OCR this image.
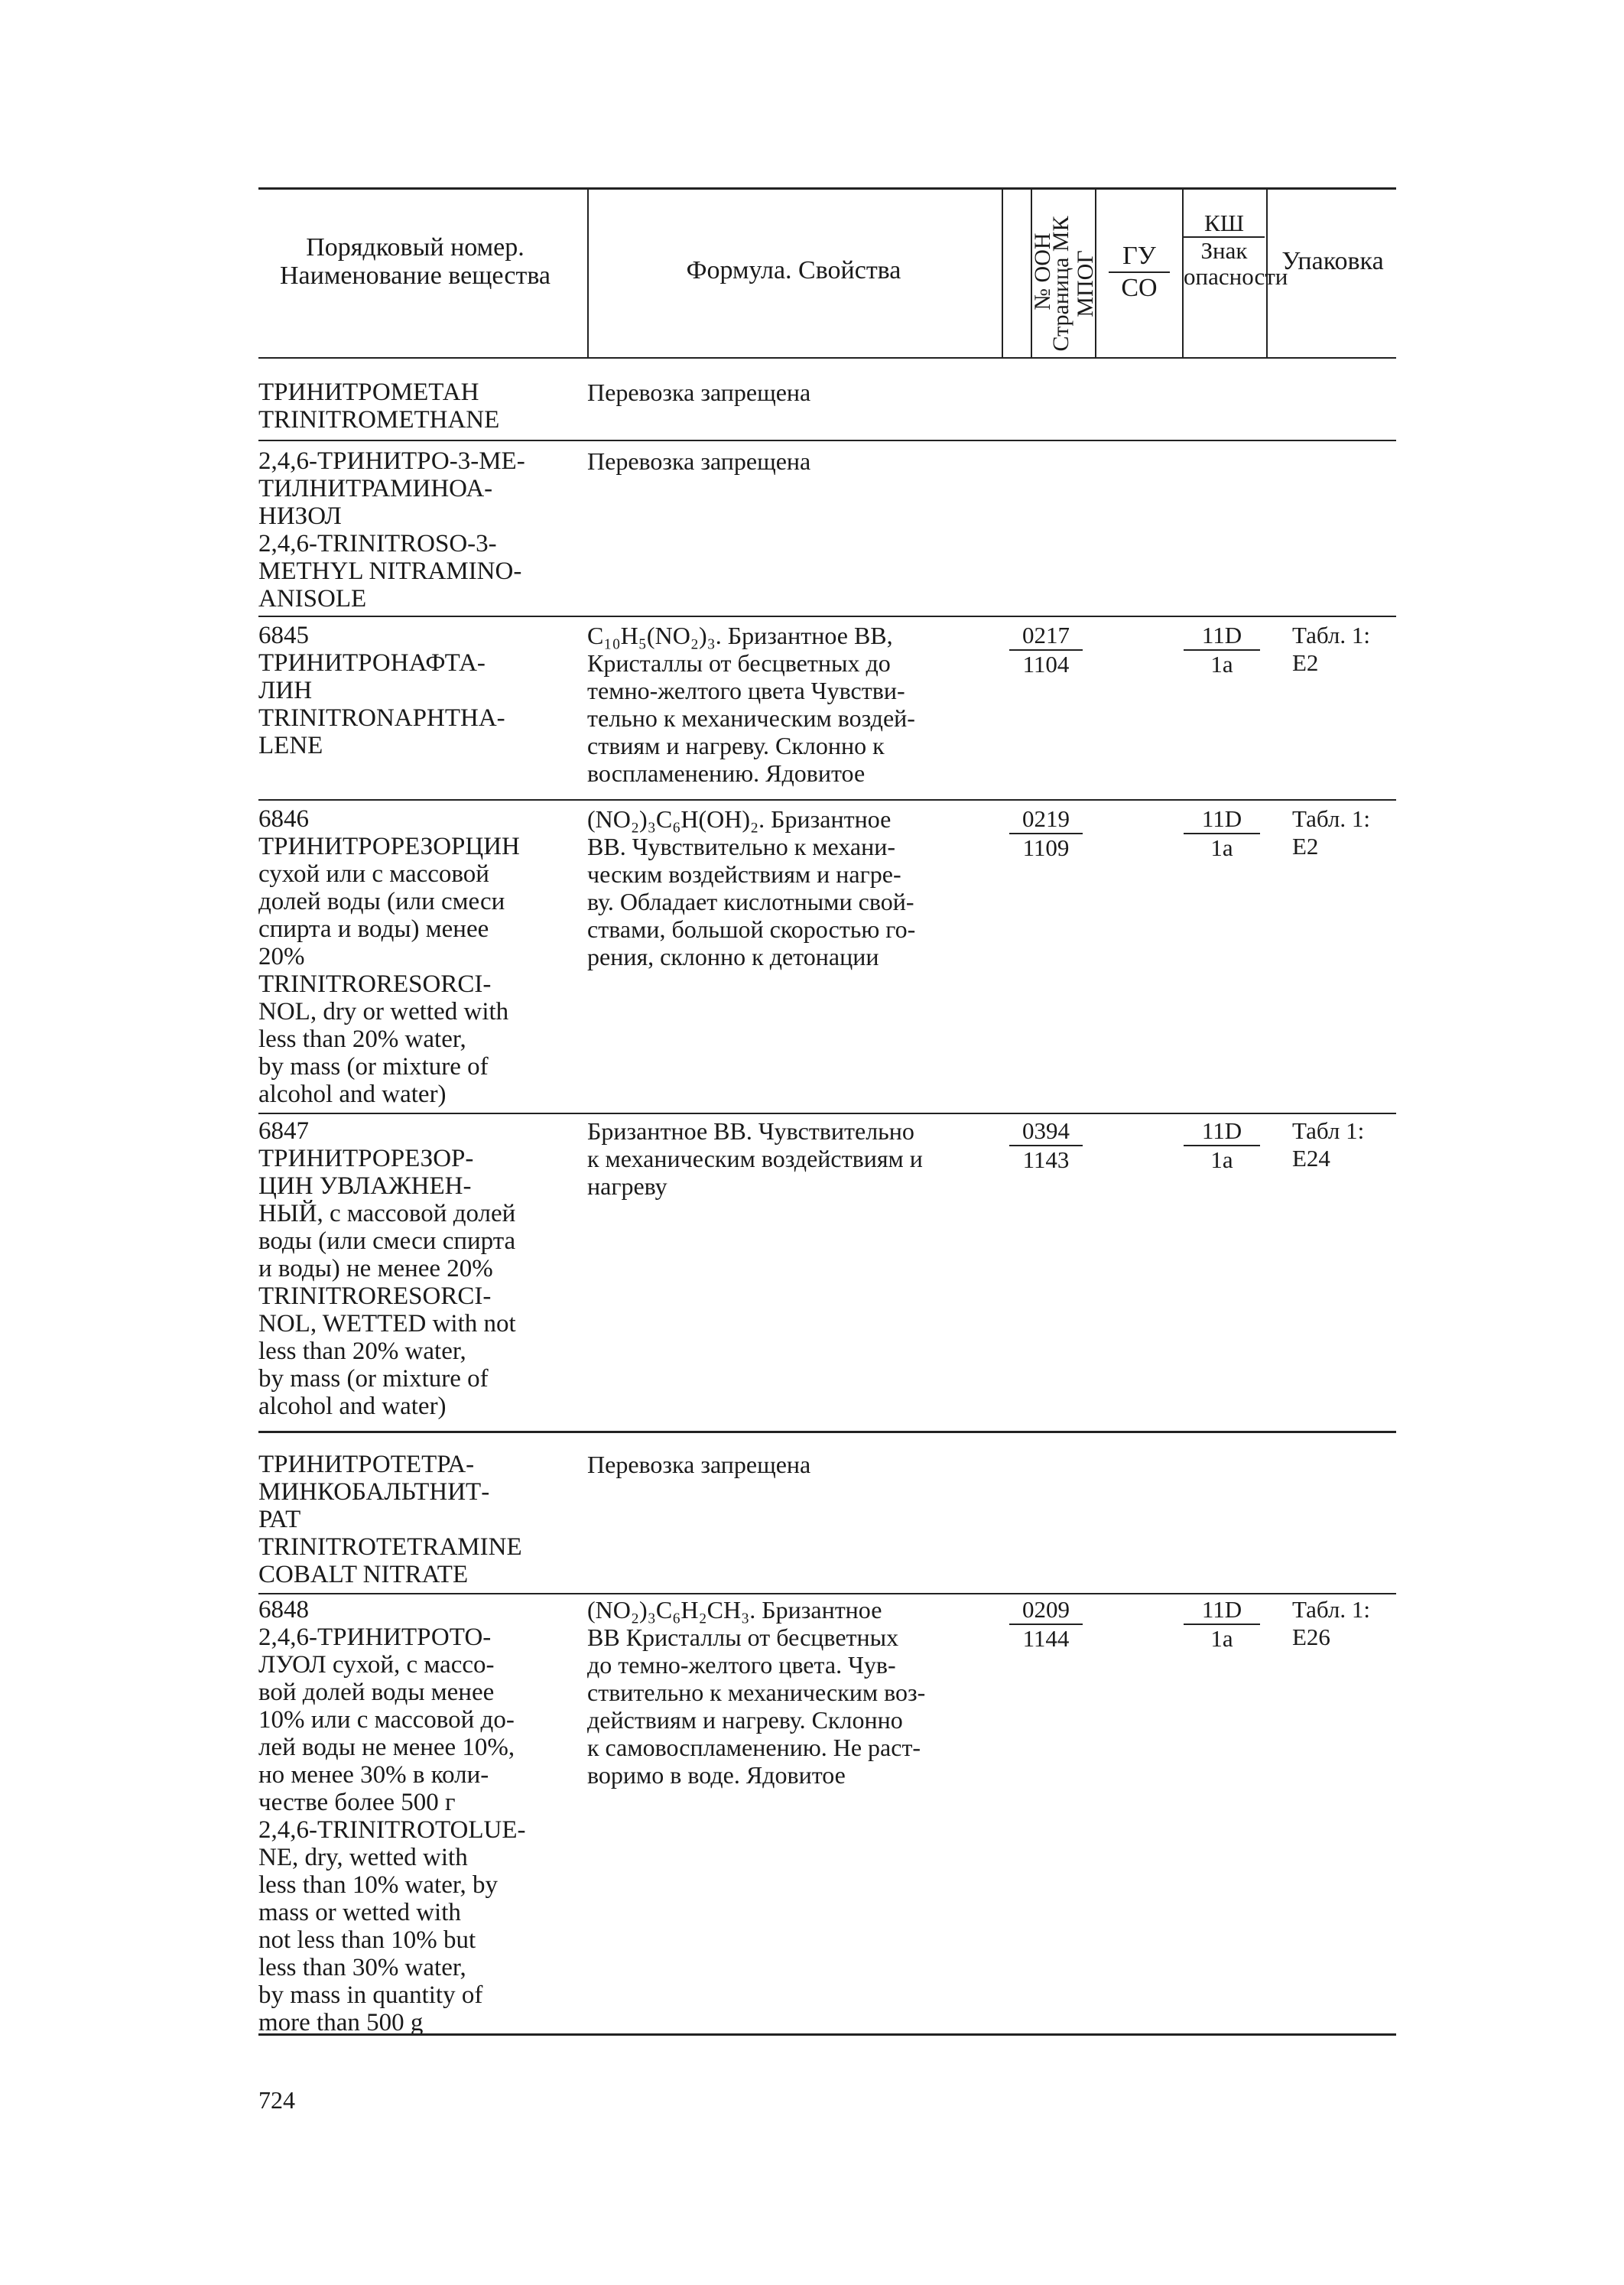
Порядковый номер. Наименование вещества	Формула. Свойства	№ ООН
Страница МК МПОГ ГУ
СО
КШ
Знак опасности
Упаковка
ТРИНИТРОМЕТАН
TRINITROMETHANE
Перевозка запрещена
2,4,6-ТРИНИТРО-3-МЕ-
ТИЛНИТРАМИНОА-
НИЗОЛ
2,4,6-TRINITROSO-3-
METHYL NITRAMINO-
ANISOLE
Перевозка запрещена
6845
ТРИНИТРОНАФТА-
ЛИН
TRINITRONAPHTHA-
LENE
C₁₀H₅(NO₂)₃. Бризантное ВВ,
Кристаллы от бесцветных до
темно-желтого цвета Чувстви-
тельно к механическим воздей-
ствиям и нагреву. Склонно к
воспламенению. Ядовитое
0217
1104
11D
1a
Табл. 1:
E2
6846
ТРИНИТРОРЕЗОРЦИН
сухой или с массовой
долей воды (или смеси
спирта и воды) менее
20%
TRINITRORESORCI-
NOL, dry or wetted with
less than 20% water,
by mass (or mixture of
alcohol and water)
(NO₂)₃C₆H(OH)₂. Бризантное
ВВ. Чувствительно к механи-
ческим воздействиям и нагре-
ву. Обладает кислотными свой-
ствами, большой скоростью го-
рения, склонно к детонации
0219
1109
11D
1a
Табл. 1:
E2
6847
ТРИНИТРОРЕЗОР-
ЦИН УВЛАЖНЕН-
НЫЙ, с массовой долей
воды (или смеси спирта
и воды) не менее 20%
TRINITRORESORCI-
NOL, WETTED with not
less than 20% water,
by mass (or mixture of
alcohol and water)
Бризантное ВВ. Чувствительно
к механическим воздействиям и
нагреву
0394
1143
11D
1a
Табл 1:
E24
ТРИНИТРОТЕТРА-
МИНКОБАЛЬТНИТ-
РАТ
TRINITROTETRAMINE
COBALT NITRATE
Перевозка запрещена
6848
2,4,6-ТРИНИТРОТО-
ЛУОЛ сухой, с массо-
вой долей воды менее
10% или с массовой до-
лей воды не менее 10%,
но менее 30% в коли-
честве более 500 г
2,4,6-TRINITROTOLUE-
NE, dry, wetted with
less than 10% water, by
mass or wetted with
not less than 10% but
less than 30% water,
by mass in quantity of
more than 500 g
(NO₂)₃C₆H₂CH₃. Бризантное
ВВ Кристаллы от бесцветных
до темно-желтого цвета. Чув-
ствительно к механическим воз-
действиям и нагреву. Склонно
к самовоспламенению. Не раст-
воримо в воде. Ядовитое
0209
1144
11D
1a
Табл. 1:
E26
724
